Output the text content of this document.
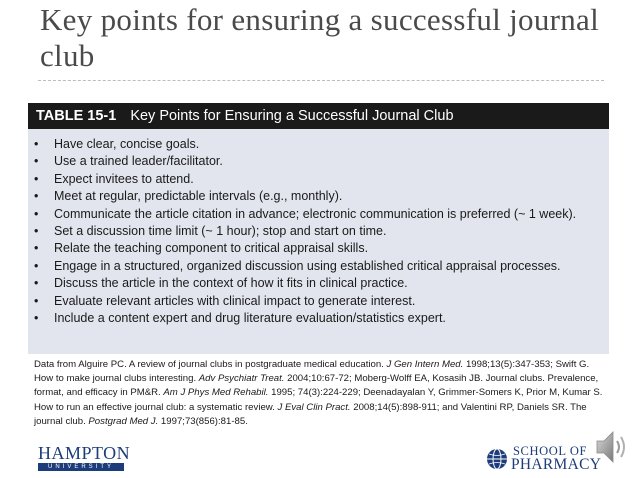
Key points for ensuring a successful journal club
TABLE 15-1 Key Points for Ensuring a Successful Journal Club
• Have clear, concise goals.
• Use a trained leader/facilitator.
• Expect invitees to attend.
• Meet at regular, predictable intervals (e.g., monthly).
• Communicate the article citation in advance; electronic communication is preferred (~ 1 week).
• Set a discussion time limit (~ 1 hour); stop and start on time.
• Relate the teaching component to critical appraisal skills.
• Engage in a structured, organized discussion using established critical appraisal processes.
• Discuss the article in the context of how it fits in clinical practice.
• Evaluate relevant articles with clinical impact to generate interest.
• Include a content expert and drug literature evaluation/statistics expert.
Data from Alguire PC. A review of journal clubs in postgraduate medical education. J Gen Intern Med. 1998;13(5):347-353; Swift G. How to make journal clubs interesting. Adv Psychiatr Treat. 2004;10:67-72; Moberg-Wolff EA, Kosasih JB. Journal clubs. Prevalence, format, and efficacy in PM&R. Am J Phys Med Rehabil. 1995; 74(3):224-229; Deenadayalan Y, Grimmer-Somers K, Prior M, Kumar S. How to run an effective journal club: a systematic review. J Eval Clin Pract. 2008;14(5):898-911; and Valentini RP, Daniels SR. The journal club. Postgrad Med J. 1997;73(856):81-85.
HAMPTON
UNIVERSITY
SCHOOL OF
PHARMACY
